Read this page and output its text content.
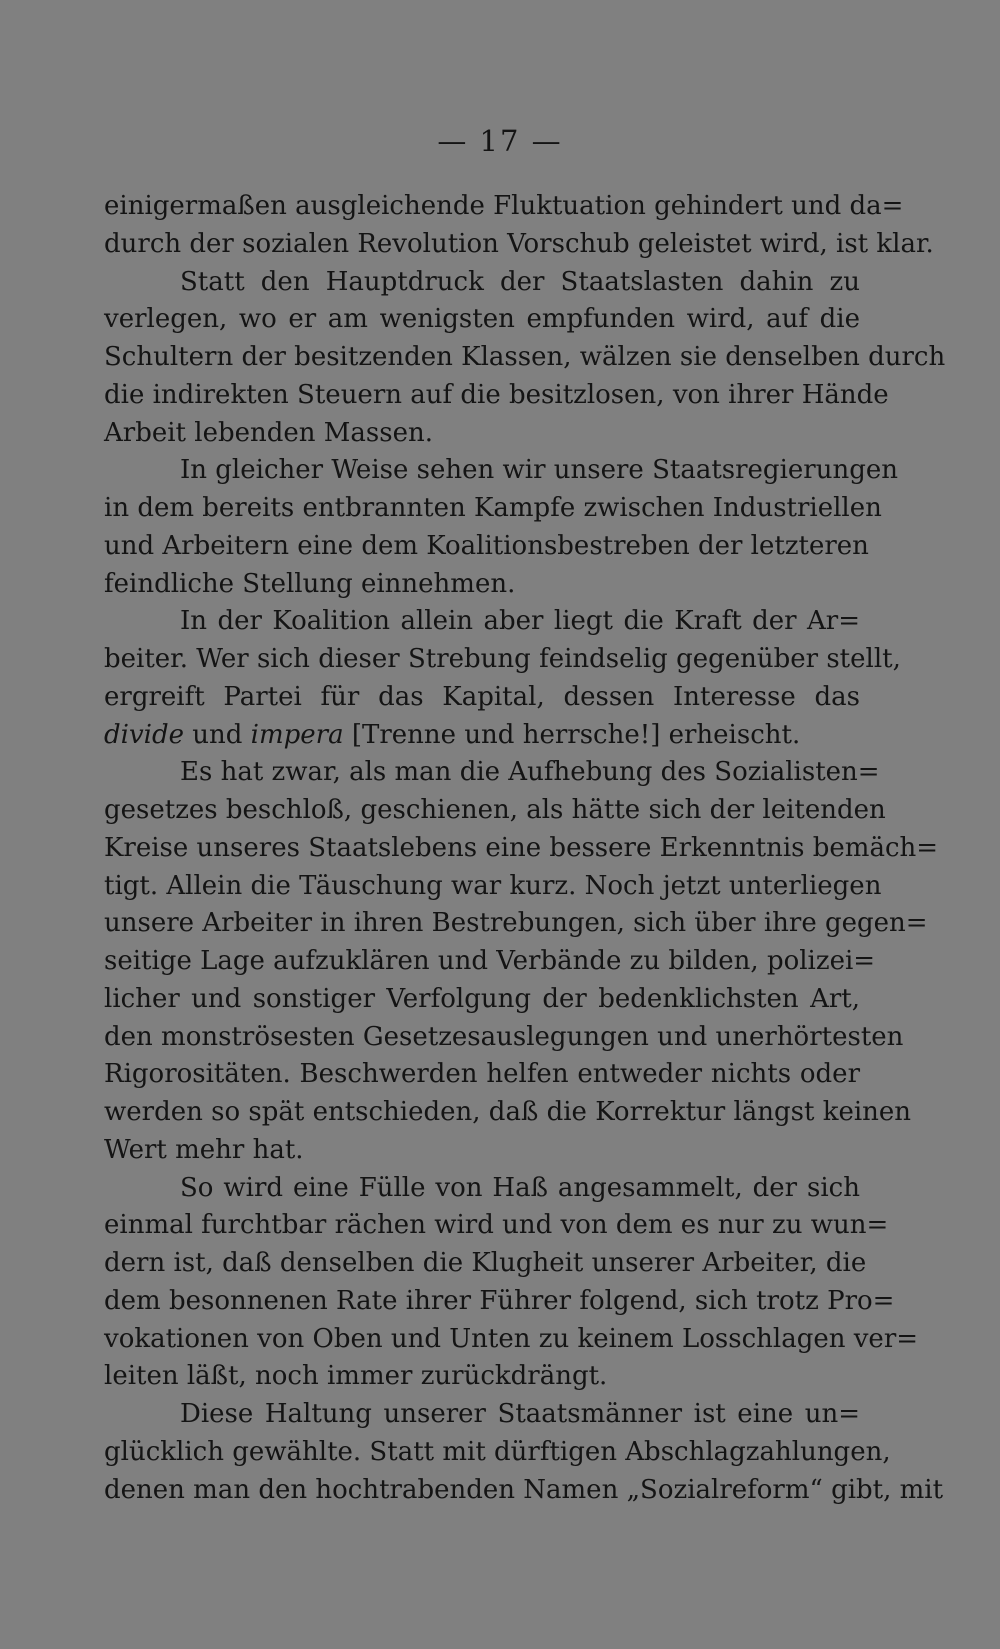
— 17 —
einigermaßen ausgleichende Fluktuation gehindert und da=
durch der sozialen Revolution Vorschub geleistet wird, ist klar.
Statt den Hauptdruck der Staatslasten dahin zu
verlegen, wo er am wenigsten empfunden wird, auf die
Schultern der besitzenden Klassen, wälzen sie denselben durch
die indirekten Steuern auf die besitzlosen, von ihrer Hände
Arbeit lebenden Massen.
In gleicher Weise sehen wir unsere Staatsregierungen
in dem bereits entbrannten Kampfe zwischen Industriellen
und Arbeitern eine dem Koalitionsbestreben der letzteren
feindliche Stellung einnehmen.
In der Koalition allein aber liegt die Kraft der Ar=
beiter. Wer sich dieser Strebung feindselig gegenüber stellt,
ergreift Partei für das Kapital, dessen Interesse das
divide und impera [Trenne und herrsche!] erheischt.
Es hat zwar, als man die Aufhebung des Sozialisten=
gesetzes beschloß, geschienen, als hätte sich der leitenden
Kreise unseres Staatslebens eine bessere Erkenntnis bemäch=
tigt. Allein die Täuschung war kurz. Noch jetzt unterliegen
unsere Arbeiter in ihren Bestrebungen, sich über ihre gegen=
seitige Lage aufzuklären und Verbände zu bilden, polizei=
licher und sonstiger Verfolgung der bedenklichsten Art,
den monströsesten Gesetzesauslegungen und unerhörtesten
Rigorositäten. Beschwerden helfen entweder nichts oder
werden so spät entschieden, daß die Korrektur längst keinen
Wert mehr hat.
So wird eine Fülle von Haß angesammelt, der sich
einmal furchtbar rächen wird und von dem es nur zu wun=
dern ist, daß denselben die Klugheit unserer Arbeiter, die
dem besonnenen Rate ihrer Führer folgend, sich trotz Pro=
vokationen von Oben und Unten zu keinem Losschlagen ver=
leiten läßt, noch immer zurückdrängt.
Diese Haltung unserer Staatsmänner ist eine un=
glücklich gewählte. Statt mit dürftigen Abschlagzahlungen,
denen man den hochtrabenden Namen „Sozialreform“ gibt, mit
